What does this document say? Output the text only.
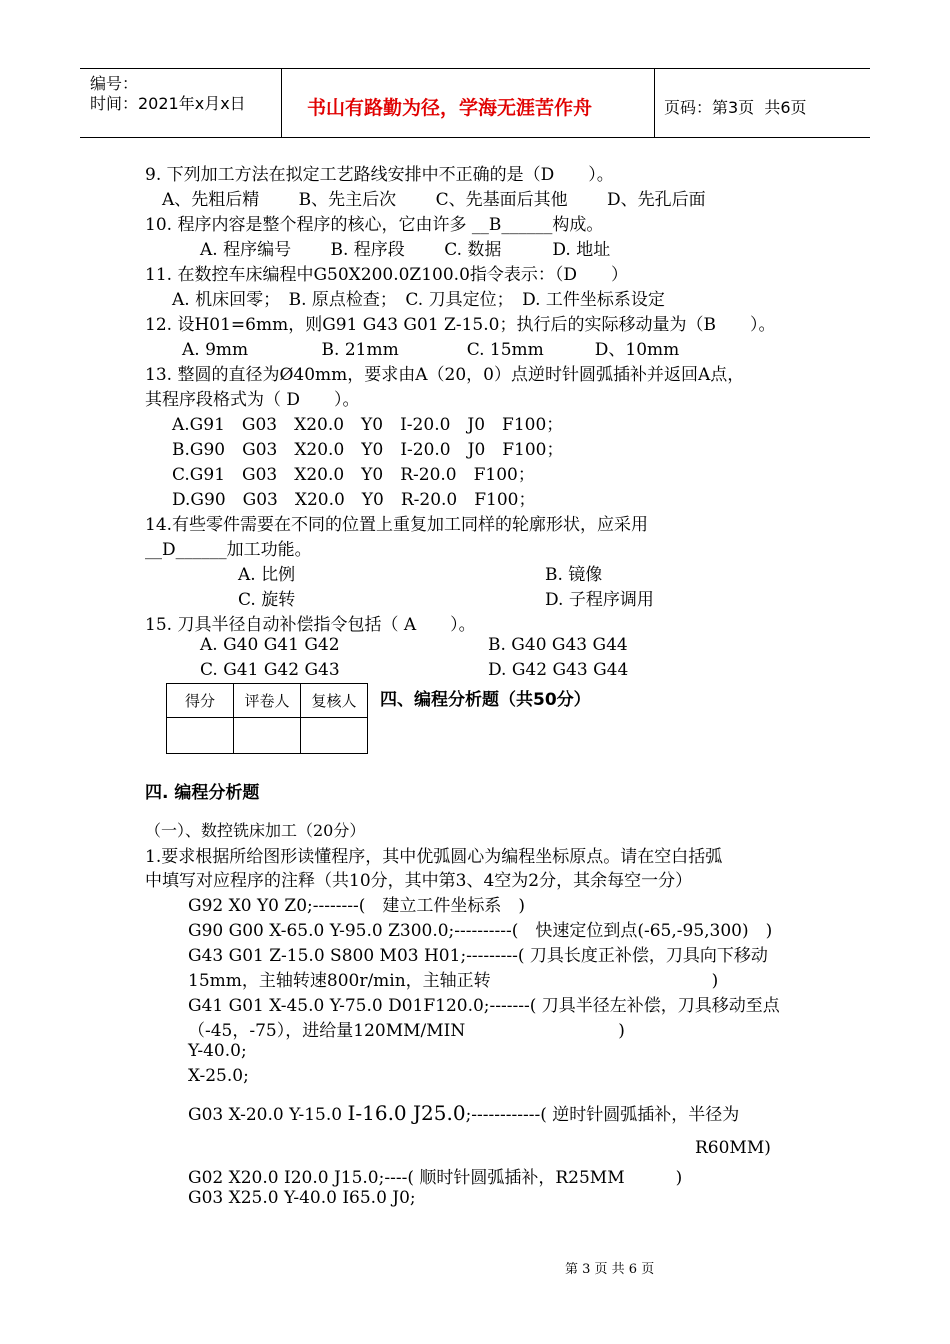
编号：
时间：2021年x月x日	书山有路勤为径，学海无涯苦作舟	页码：第3页  共6页
9. 下列加工方法在拟定工艺路线安排中不正确的是（D　　）。
A、先粗后精　　 B、先主后次　　 C、先基面后其他　　 D、先孔后面
10. 程序内容是整个程序的核心，它由许多 __B______构成。
A. 程序编号　　 B. 程序段　　 C. 数据　　　D. 地址
11. 在数控车床编程中G50X200.0Z100.0指令表示：（D　　）
A. 机床回零；　B. 原点检查；　C. 刀具定位；　D. 工件坐标系设定
12. 设H01=6mm，则G91 G43 G01 Z-15.0；执行后的实际移动量为（B　　）。
A. 9mm　　　　 B. 21mm　　　　C. 15mm　　　D、10mm
13. 整圆的直径为Ø40mm，要求由A（20，0）点逆时针圆弧插补并返回A点，
其程序段格式为（ D　　）。
A.G91　G03　X20.0　Y0　I-20.0　J0　F100；
B.G90　G03　X20.0　Y0　I-20.0　J0　F100；
C.G91　G03　X20.0　Y0　R-20.0　F100；
D.G90　G03　X20.0　Y0　R-20.0　F100；
14.有些零件需要在不同的位置上重复加工同样的轮廓形状，应采用
__D______加工功能。
A. 比例	B. 镜像
C. 旋转	D. 子程序调用
15. 刀具半径自动补偿指令包括（ A　　）。
A. G40 G41 G42	B. G40 G43 G44
C. G41 G42 G43	D. G42 G43 G44
得分	评卷人	复核人
		四、编程分析题（共50分）
四. 编程分析题
（一）、数控铣床加工（20分）
1.要求根据所给图形读懂程序，其中优弧圆心为编程坐标原点。请在空白括弧
中填写对应程序的注释（共10分，其中第3、4空为2分，其余每空一分）
G92 X0 Y0 Z0;--------(　建立工件坐标系　)
G90 G00 X-65.0 Y-95.0 Z300.0;----------(　快速定位到点(-65,-95,300)　)
G43 G01 Z-15.0 S800 M03 H01;---------( 刀具长度正补偿，刀具向下移动
15mm，主轴转速800r/min，主轴正转　　　　　　　　　　　　　)
G41 G01 X-45.0 Y-75.0 D01F120.0;-------( 刀具半径左补偿，刀具移动至点
（-45，-75），进给量120MM/MIN　　　　　　　　　)
Y-40.0;
X-25.0;
G03 X-20.0 Y-15.0 I-16.0 J25.0;------------( 逆时针圆弧插补，半径为
R60MM)
G02 X20.0 I20.0 J15.0;----( 顺时针圆弧插补，R25MM　　　)
G03 X25.0 Y-40.0 I65.0 J0;
第 3 页 共 6 页
